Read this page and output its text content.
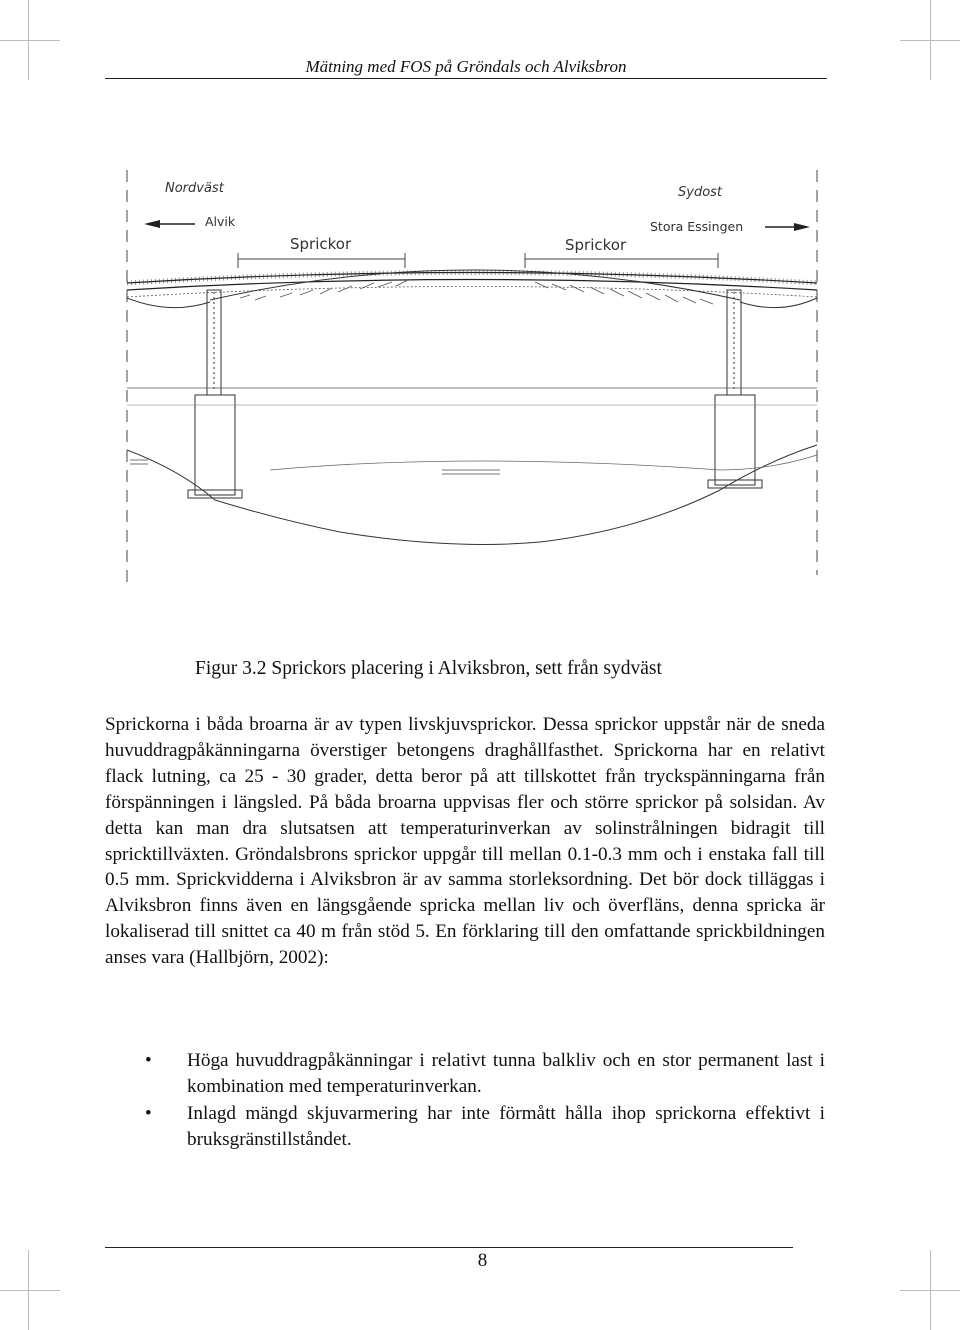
Mätning med FOS på Gröndals och Alviksbron
Nordväst	Sydost
Alvik	Stora Essingen
Sprickor	Sprickor
Figur 3.2 Sprickors placering i Alviksbron, sett från sydväst
Sprickorna i båda broarna är av typen livskjuvsprickor. Dessa sprickor uppstår när de sneda huvuddragpåkänningarna överstiger betongens draghållfasthet. Sprickorna har en relativt flack lutning, ca 25 - 30 grader, detta beror på att tillskottet från tryckspänningarna från förspänningen i längsled. På båda broarna uppvisas fler och större sprickor på solsidan. Av detta kan man dra slutsatsen att temperaturinverkan av solinstrålningen bidragit till spricktillväxten. Gröndalsbrons sprickor uppgår till mellan 0.1-0.3 mm och i enstaka fall till 0.5 mm. Sprickvidderna i Alviksbron är av samma storleksordning. Det bör dock tilläggas i Alviksbron finns även en längsgående spricka mellan liv och överfläns, denna spricka är lokaliserad till snittet ca 40 m från stöd 5. En förklaring till den omfattande sprickbildningen anses vara (Hallbjörn, 2002):
• Höga huvuddragpåkänningar i relativt tunna balkliv och en stor permanent last i kombination med temperaturinverkan.
• Inlagd mängd skjuvarmering har inte förmått hålla ihop sprickorna effektivt i bruksgränstillståndet.
8
